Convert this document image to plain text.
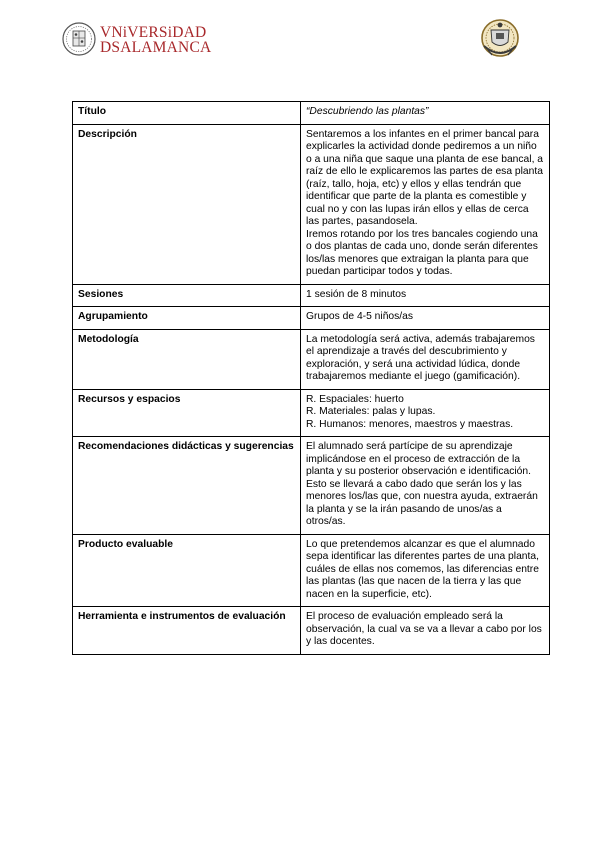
VNiVERSiDAD
DSALAMANCA
Título	“Descubriendo las plantas”
Descripción	Sentaremos a los infantes en el primer bancal para explicarles la actividad donde pediremos a un niño o a una niña que saque una planta de ese bancal, a raíz de ello le explicaremos las partes de esa planta (raíz, tallo, hoja, etc) y ellos y ellas tendrán que identificar que parte de la planta es comestible y cual no y con las lupas irán ellos y ellas de cerca las partes, pasandosela.
Iremos rotando por los tres bancales cogiendo una o dos plantas de cada uno, donde serán diferentes los/las menores que extraigan la planta para que puedan participar todos y todas.
Sesiones	1 sesión de 8 minutos
Agrupamiento	Grupos de 4-5 niños/as
Metodología	La metodología será activa, además trabajaremos el aprendizaje a través del descubrimiento y exploración, y será una actividad lúdica, donde trabajaremos mediante el juego (gamificación).
Recursos y espacios	R. Espaciales: huerto
R. Materiales: palas y lupas.
R. Humanos: menores, maestros y maestras.
Recomendaciones didácticas y sugerencias	El alumnado será partícipe de su aprendizaje implicándose en el proceso de extracción de la planta y su posterior observación e identificación. Esto se llevará a cabo dado que serán los y las menores los/las que, con nuestra ayuda, extraerán la planta y se la irán pasando de unos/as a otros/as.
Producto evaluable	Lo que pretendemos alcanzar es que el alumnado sepa identificar las diferentes partes de una planta, cuáles de ellas nos comemos, las diferencias entre las plantas (las que nacen de la tierra y las que nacen en la superficie, etc).
Herramienta e instrumentos de evaluación	El proceso de evaluación empleado será la observación, la cual va se va a llevar a cabo por los y las docentes.
